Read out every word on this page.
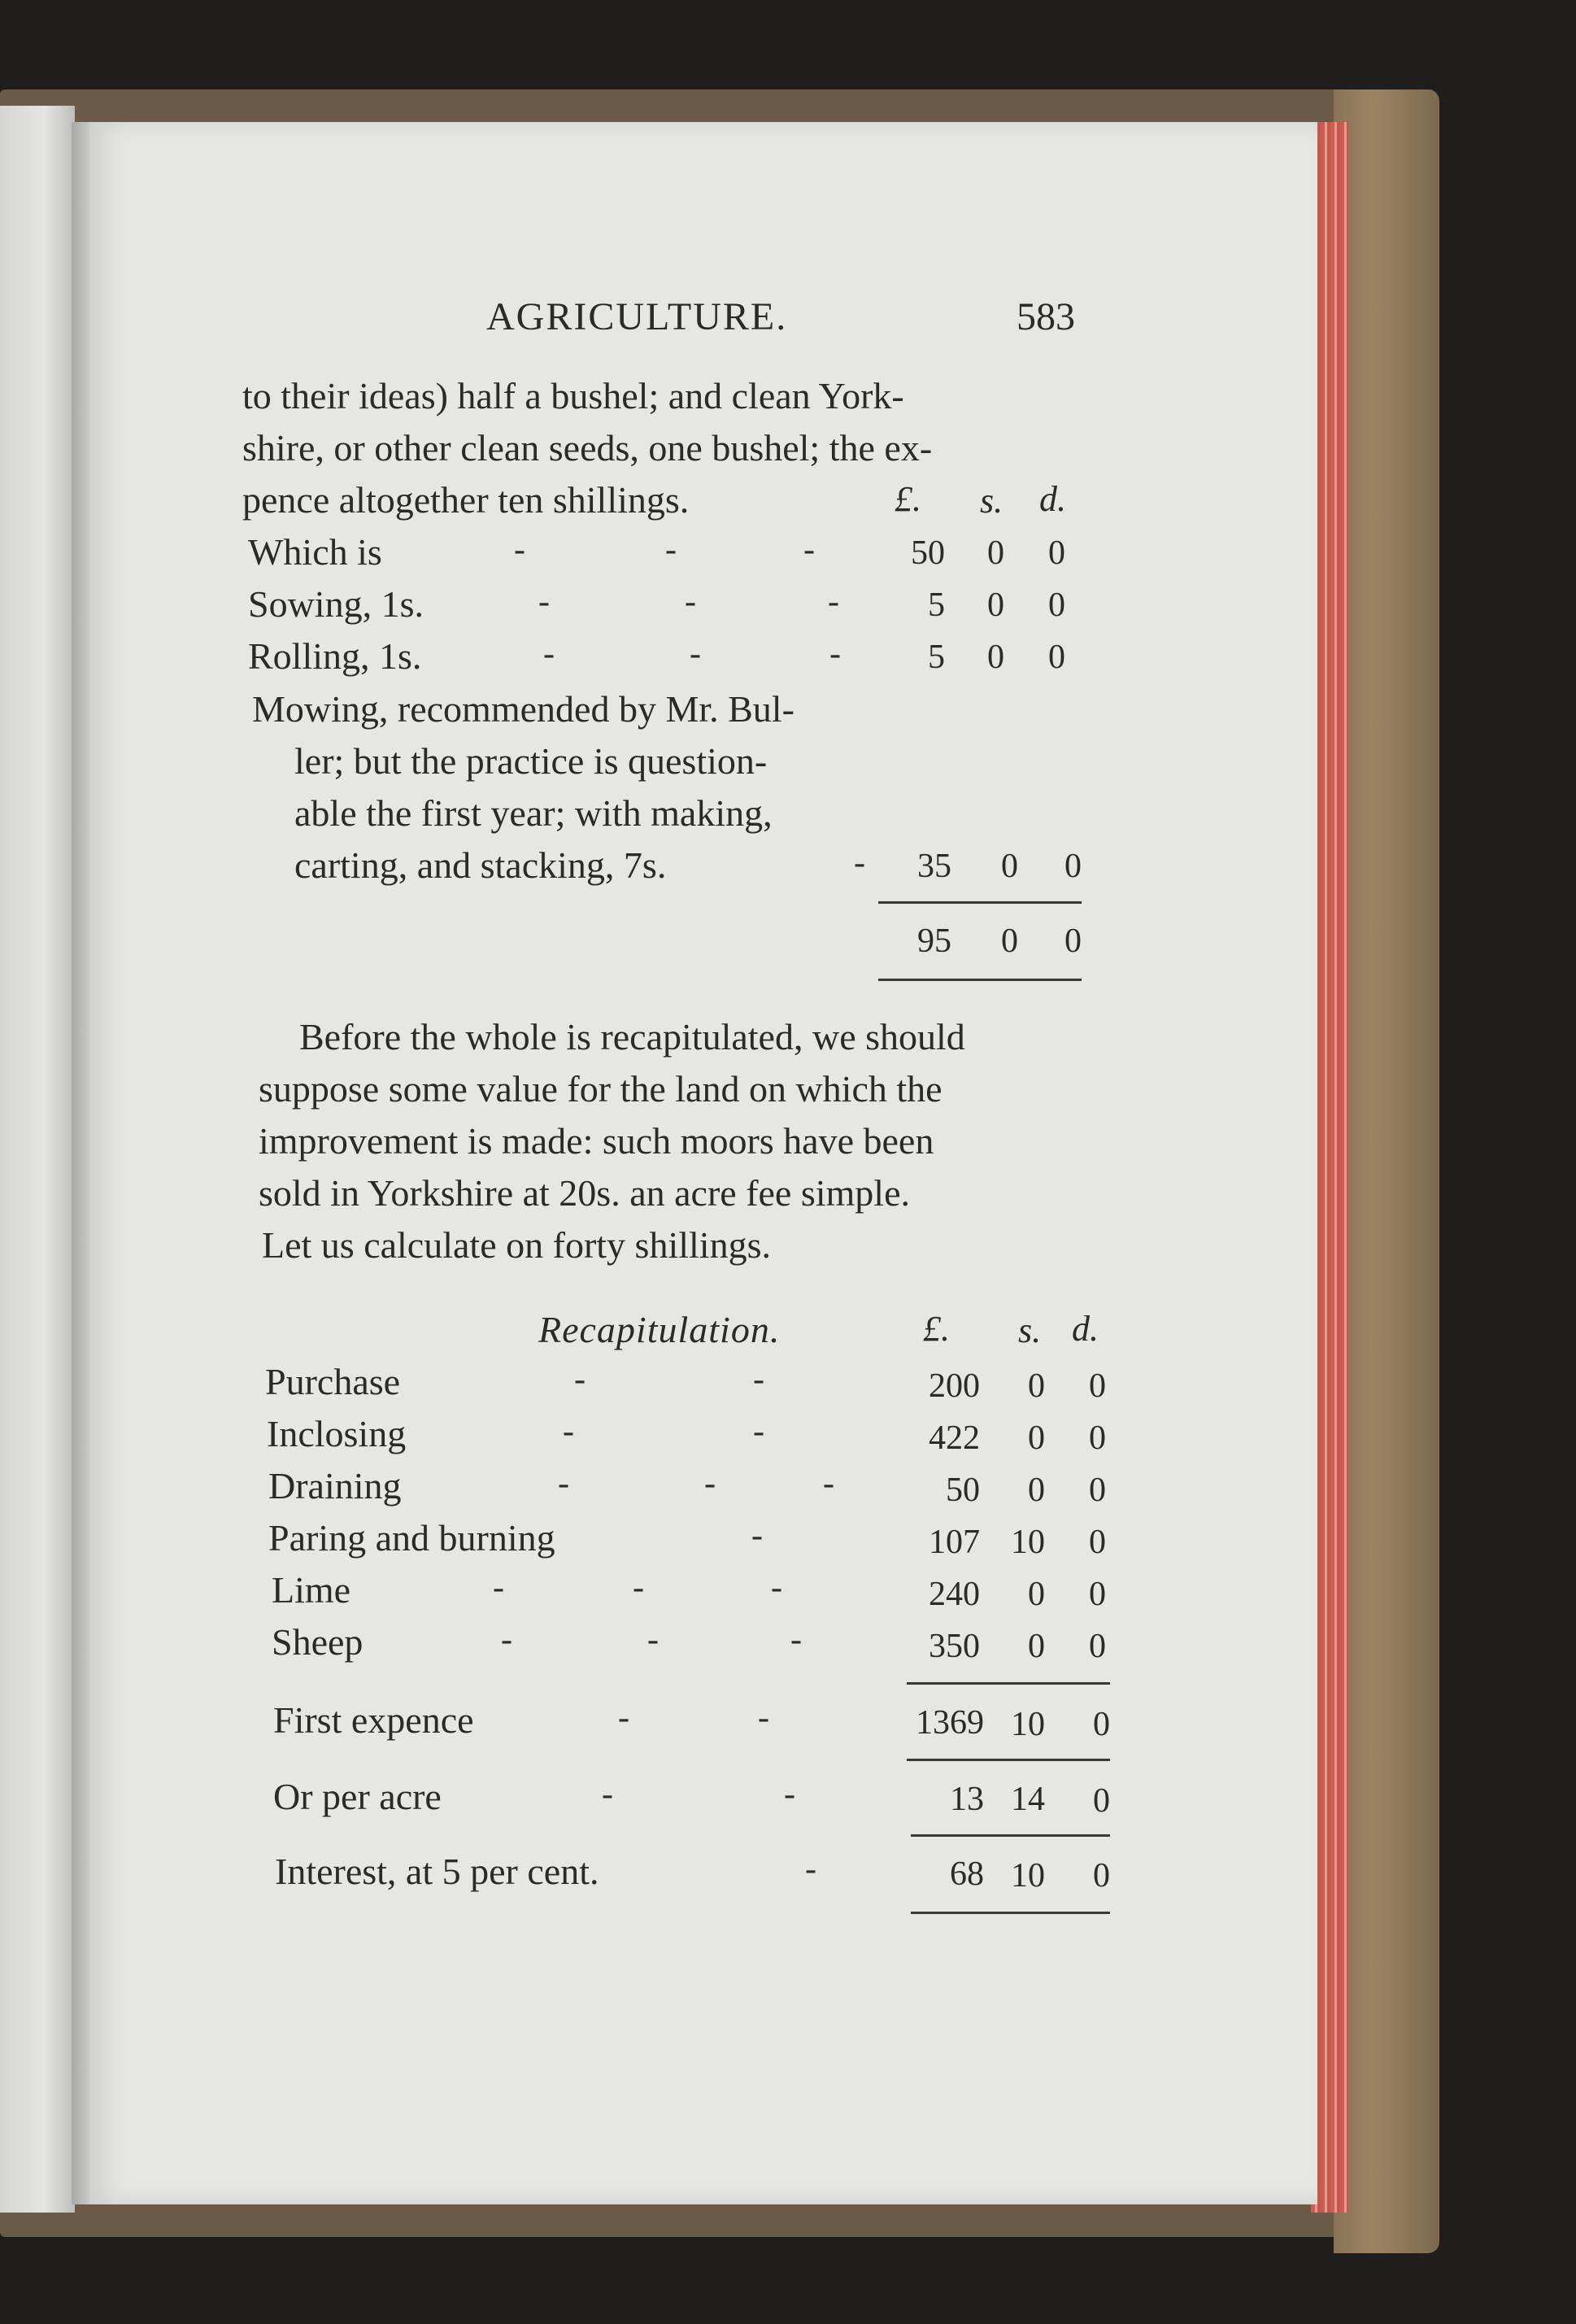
AGRICULTURE.	583
to their ideas) half a bushel; and clean York-
shire, or other clean seeds, one bushel; the ex-
pence altogether ten shillings.	£. s. d.
Which is	-	-	-	50	0	0
Sowing, 1s.	-	-	-	5	0	0
Rolling, 1s.	-	-	-	5	0	0
Mowing, recommended by Mr. Bul-
ler; but the practice is question-
able the first year; with making,
carting, and stacking, 7s.	-	35	0	0
95	0	0
Before the whole is recapitulated, we should
suppose some value for the land on which the
improvement is made: such moors have been
sold in Yorkshire at 20s. an acre fee simple.
Let us calculate on forty shillings.
Recapitulation.	£. s. d.
Purchase	-	-	200	0	0
Inclosing	-	-	422	0	0
Draining	-	-	-	50	0	0
Paring and burning	-	107 10	0
Lime	-	-	-	240	0	0
Sheep	-	-	-	350	0	0
First expence	-	-	1369 10	0
Or per acre	-	-	13 14	0
Interest, at 5 per cent.	-	68 10	0
